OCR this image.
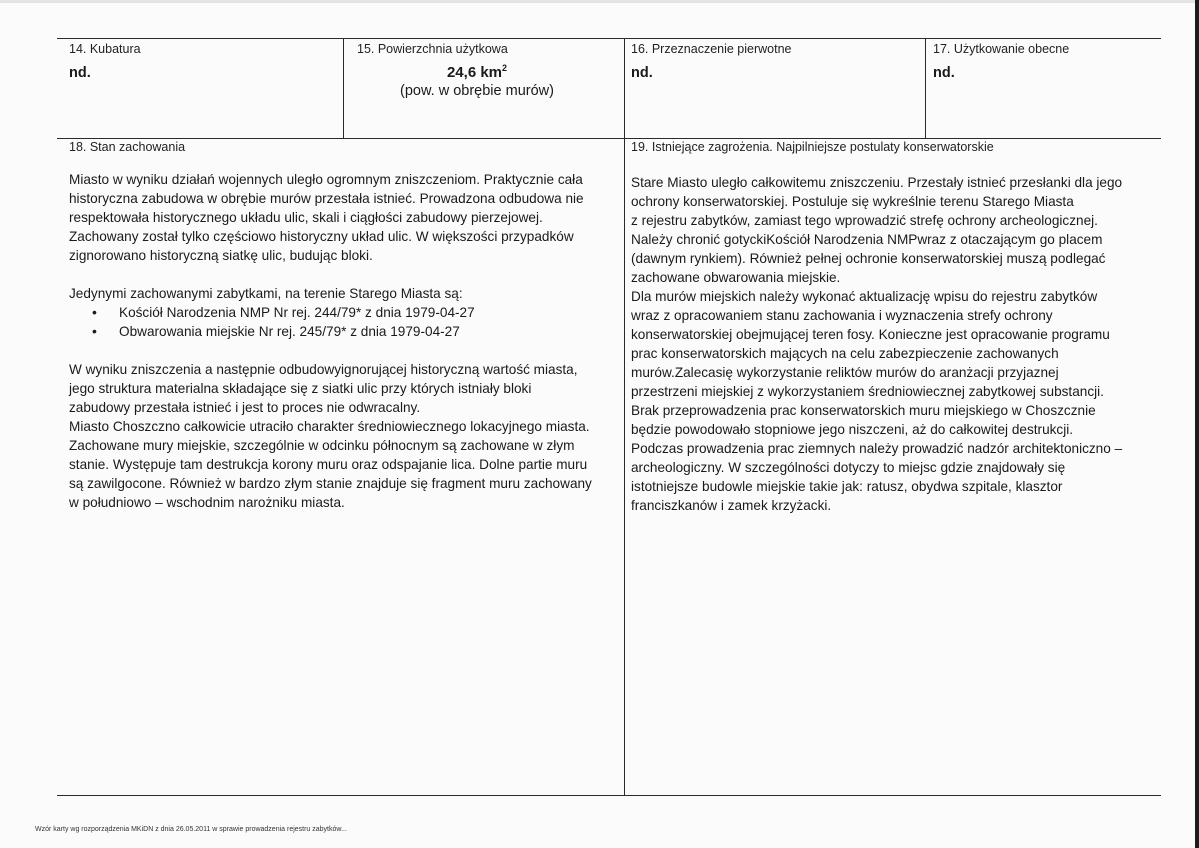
14. Kubatura
nd.
15. Powierzchnia użytkowa
24,6 $km^2$
(pow. w obrębie murów)
16. Przeznaczenie pierwotne
nd.
17. Użytkowanie obecne
nd.
18. Stan zachowania

Miasto w wyniku działań wojennych uległo ogromnym zniszczeniom. Praktycznie cała

historyczna zabudowa w obrębie murów przestała istnieć. Prowadzona odbudowa nie

respektowała historycznego układu ulic, skali i ciągłości zabudowy pierzejowej.

Zachowany został tylko częściowo historyczny układ ulic. W większości przypadków

zignorowano historyczną siatkę ulic, budując bloki.

Jedynymi zachowanymi zabytkami, na terenie Starego Miasta są:

• Kościół Narodzenia NMP Nr rej. 244/79* z dnia 1979-04-27
• Obwarowania miejskie Nr rej. 245/79* z dnia 1979-04-27

W wyniku zniszczenia a następnie odbudowyignorującej historyczną wartość miasta,

jego struktura materialna składające się z siatki ulic przy których istniały bloki

zabudowy przestała istnieć i jest to proces nie odwracalny.

Miasto Choszczno całkowicie utraciło charakter średniowiecznego lokacyjnego miasta.

Zachowane mury miejskie, szczególnie w odcinku północnym są zachowane w złym

stanie. Występuje tam destrukcja korony muru oraz odspajanie lica. Dolne partie muru

są zawilgocone. Również w bardzo złym stanie znajduje się fragment muru zachowany

w południowo – wschodnim narożniku miasta.

19. Istniejące zagrożenia. Najpilniejsze postulaty konserwatorskie

Stare Miasto uległo całkowitemu zniszczeniu. Przestały istnieć przesłanki dla jego

ochrony konserwatorskiej. Postuluje się wykreślnie terenu Starego Miasta

z rejestru zabytków, zamiast tego wprowadzić strefę ochrony archeologicznej.

Należy chronić gotyckiKościół Narodzenia NMPwraz z otaczającym go placem

(dawnym rynkiem). Również pełnej ochronie konserwatorskiej muszą podlegać

zachowane obwarowania miejskie.

Dla murów miejskich należy wykonać aktualizację wpisu do rejestru zabytków

wraz z opracowaniem stanu zachowania i wyznaczenia strefy ochrony

konserwatorskiej obejmującej teren fosy. Konieczne jest opracowanie programu

prac konserwatorskich mających na celu zabezpieczenie zachowanych

murów.Zalecasię wykorzystanie reliktów murów do aranżacji przyjaznej

przestrzeni miejskiej z wykorzystaniem średniowiecznej zabytkowej substancji.

Brak przeprowadzenia prac konserwatorskich muru miejskiego w Choszcznie

będzie powodowało stopniowe jego niszczeni, aż do całkowitej destrukcji.

Podczas prowadzenia prac ziemnych należy prowadzić nadzór architektoniczno –

archeologiczny. W szczególności dotyczy to miejsc gdzie znajdowały się

istotniejsze budowle miejskie takie jak: ratusz, obydwa szpitale, klasztor

franciszkanów i zamek krzyżacki.

Wzór karty wg rozporządzenia MKiDN z dnia 26.05.2011 w sprawie prowadzenia rejestru zabytków...
